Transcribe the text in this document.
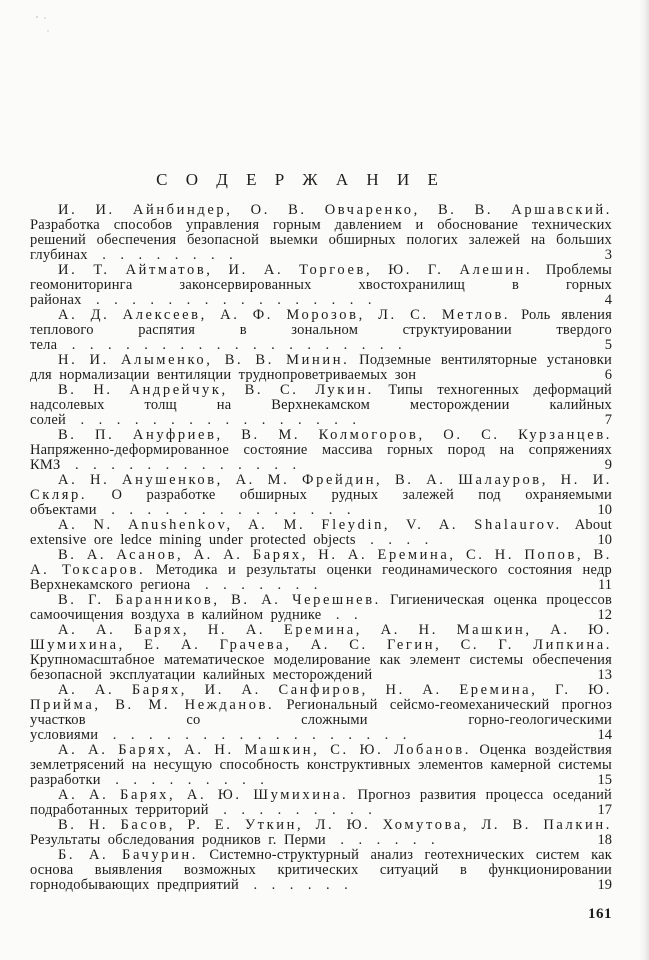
С О Д Е Р Ж А Н И Е

И. И. Айнбиндер, О. В. Овчаренко, В. В. Аршавский. Разработка способов управления горным давлением и обоснование технических решений обеспечения безопасной выемки обширных пологих залежей на больших глубинах  .  .  .  .  .  .  .  .	3

И. Т. Айтматов, И. А. Торгоев, Ю. Г. Алешин. Проблемы геомониторинга законсервированных хвостохранилищ в горных районах  .  .  .  .  .  .  .  .  .  .  .  .  .  .  .  .	4

А. Д. Алексеев, А. Ф. Морозов, Л. С. Метлов. Роль явления теплового распятия в зональном структуировании твердого тела  .  .  .  .  .  .  .  .  .  .  .  .  .  .  .  .  .  .  .	5

Н. И. Алыменко, В. В. Минин. Подземные вентиляторные установки для нормализации вентиляции труднопроветриваемых зон	6

В. Н. Андрейчук, В. С. Лукин. Типы техногенных деформаций надсолевых толщ на Верхнекамском месторождении калийных солей  .  .  .  .  .  .  .  .  .  .  .  .  .  .  .  .	7

В. П. Ануфриев, В. М. Колмогоров, О. С. Курзанцев. Напряженно-деформированное состояние массива горных пород на сопряжениях КМЗ  .  .  .  .  .  .  .  .  .  .  .  .  .	9

А. Н. Анушенков, А. М. Фрейдин, В. А. Шалауров, Н. И. Скляр. О разработке обширных рудных залежей под охраняемыми объектами  .  .  .  .  .  .  .  .  .  .  .  .  .  .	10

A. N. Anushenkov, A. M. Fleydin, V. A. Shalaurov. About extensive ore ledce mining under protected objects  .  .  .  .	10

В. А. Асанов, А. А. Барях, Н. А. Еремина, С. Н. Попов, В. А. Токсаров. Методика и результаты оценки геодинамического состояния недр Верхнекамского региона  .  .  .  .  .  .  .	11

В. Г. Баранников, В. А. Черешнев. Гигиеническая оценка процессов самоочищения воздуха в калийном руднике  .  .	12

А. А. Барях, Н. А. Еремина, А. Н. Машкин, А. Ю. Шумихина, Е. А. Грачева, А. С. Гегин, С. Г. Липкина. Крупномасштабное математическое моделирование как элемент системы обеспечения безопасной эксплуатации калийных месторождений	13

А. А. Барях, И. А. Санфиров, Н. А. Еремина, Г. Ю. Прийма, В. М. Нежданов. Региональный сейсмо-геомеханический прогноз участков со сложными горно-геологическими условиями  .  .  .  .  .  .  .  .  .  .  .  .  .  .  .  .  .	14

А. А. Барях, А. Н. Машкин, С. Ю. Лобанов. Оценка воздействия землетрясений на несущую способность конструктивных элементов камерной системы разработки  .  .  .  .  .  .  .  .  .	15

А. А. Барях, А. Ю. Шумихина. Прогноз развития процесса оседаний подработанных территорий  .  .  .  .  .  .  .  .  .	17

В. Н. Басов, Р. Е. Уткин, Л. Ю. Хомутова, Л. В. Палкин. Результаты обследования родников г. Перми  .  .  .  .  .  .	18

Б. А. Бачурин. Системно-структурный анализ геотехнических систем как основа выявления возможных критических ситуаций в функционировании горнодобывающих предприятий  .  .  .  .  .  .	19

161
